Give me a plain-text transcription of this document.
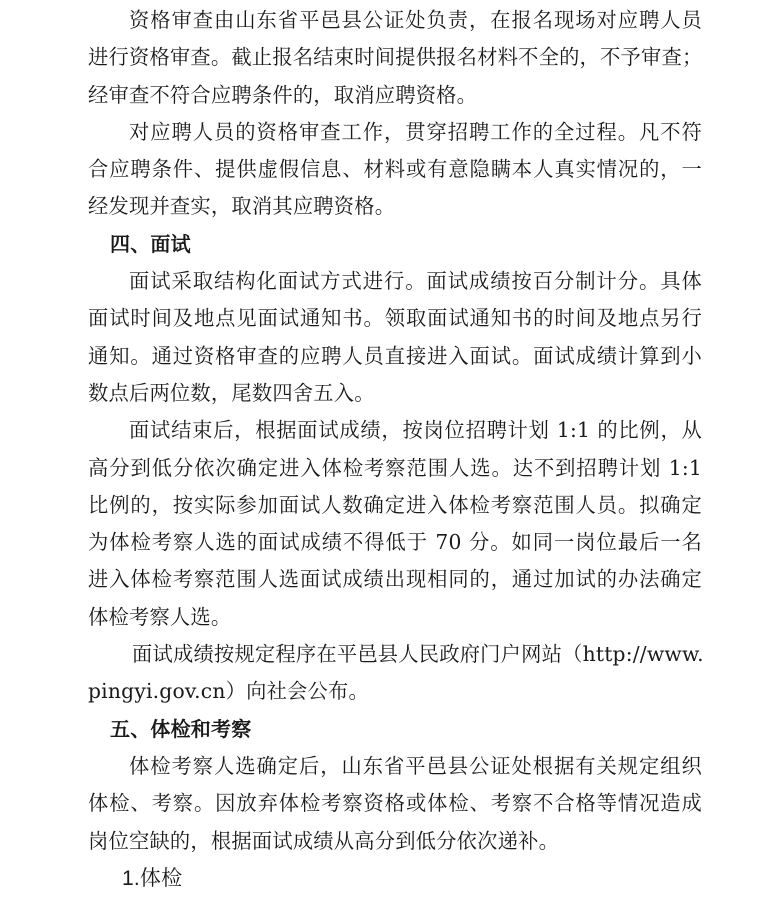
资格审查由山东省平邑县公证处负责，在报名现场对应聘人员
进行资格审查。截止报名结束时间提供报名材料不全的，不予审查；
经审查不符合应聘条件的，取消应聘资格。
对应聘人员的资格审查工作，贯穿招聘工作的全过程。凡不符
合应聘条件、提供虚假信息、材料或有意隐瞒本人真实情况的，一
经发现并查实，取消其应聘资格。
四、面试
面试采取结构化面试方式进行。面试成绩按百分制计分。具体
面试时间及地点见面试通知书。领取面试通知书的时间及地点另行
通知。通过资格审查的应聘人员直接进入面试。面试成绩计算到小
数点后两位数，尾数四舍五入。
面试结束后，根据面试成绩，按岗位招聘计划 1:1 的比例，从
高分到低分依次确定进入体检考察范围人选。达不到招聘计划 1:1
比例的，按实际参加面试人数确定进入体检考察范围人员。拟确定
为体检考察人选的面试成绩不得低于 70 分。如同一岗位最后一名
进入体检考察范围人选面试成绩出现相同的，通过加试的办法确定
体检考察人选。
面试成绩按规定程序在平邑县人民政府门户网站（http://www.
pingyi.gov.cn）向社会公布。
五、体检和考察
体检考察人选确定后，山东省平邑县公证处根据有关规定组织
体检、考察。因放弃体检考察资格或体检、考察不合格等情况造成
岗位空缺的，根据面试成绩从高分到低分依次递补。
1.体检
